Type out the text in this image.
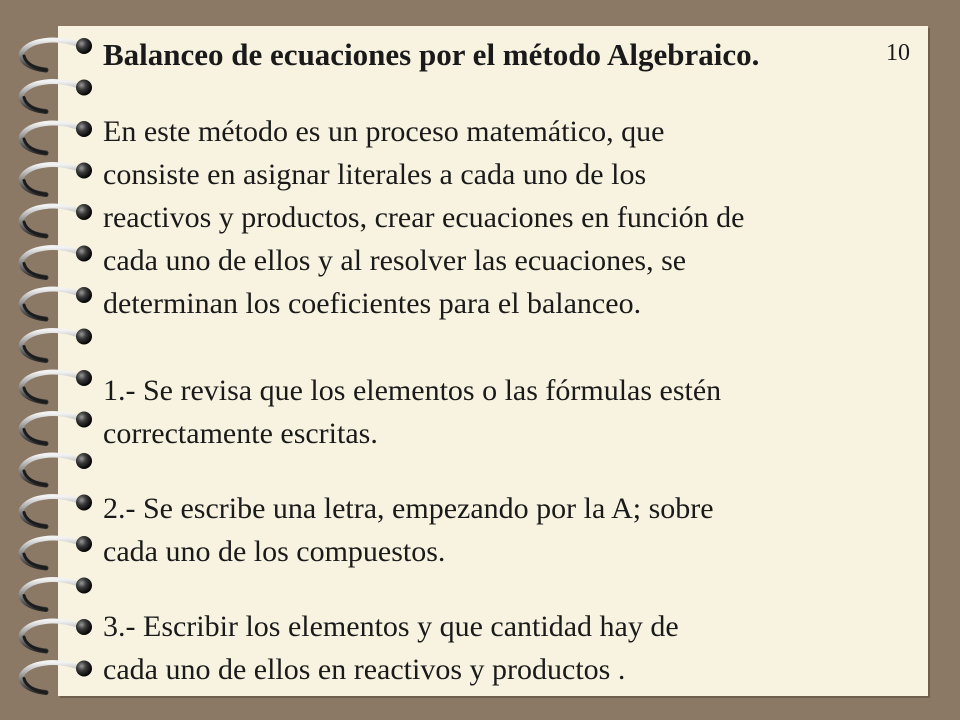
Balanceo de ecuaciones por el método Algebraico.	10

En este método es un proceso matemático, que
consiste en asignar literales a cada uno de los
reactivos y productos, crear ecuaciones en función de
cada uno de ellos y al resolver las ecuaciones, se
determinan los coeficientes para el balanceo.

1.- Se revisa que los elementos o las fórmulas estén
correctamente escritas.

2.- Se escribe una letra, empezando por la A; sobre
cada uno de los compuestos.

3.- Escribir los elementos y que cantidad hay de
cada uno de ellos en reactivos y productos .
